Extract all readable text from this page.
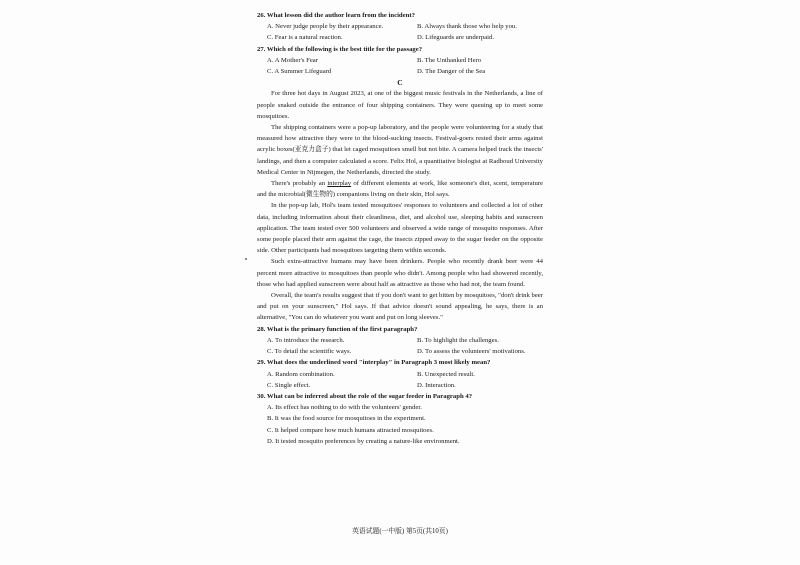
26. What lesson did the author learn from the incident?
A. Never judge people by their appearance.	B. Always thank those who help you.
C. Fear is a natural reaction.	D. Lifeguards are underpaid.
27. Which of the following is the best title for the passage?
A. A Mother's Fear	B. The Unthanked Hero
C. A Summer Lifeguard	D. The Danger of the Sea
C
For three hot days in August 2023, at one of the biggest music festivals in the Netherlands, a line of people snaked outside the entrance of four shipping containers. They were queuing up to meet some mosquitoes.
The shipping containers were a pop-up laboratory, and the people were volunteering for a study that measured how attractive they were to the blood-sucking insects. Festival-goers rested their arms against acrylic boxes(亚克力盒子) that let caged mosquitoes smell but not bite. A camera helped track the insects' landings, and then a computer calculated a score. Felix Hol, a quantitative biologist at Radboud University Medical Center in Nijmegen, the Netherlands, directed the study.
There's probably an interplay of different elements at work, like someone's diet, scent, temperature and the microbial(微生物的) companions living on their skin, Hol says.
In the pop-up lab, Hol's team tested mosquitoes' responses to volunteers and collected a lot of other data, including information about their cleanliness, diet, and alcohol use, sleeping habits and sunscreen application. The team tested over 500 volunteers and observed a wide range of mosquito responses. After some people placed their arm against the cage, the insects zipped away to the sugar feeder on the opposite side. Other participants had mosquitoes targeting them within seconds.
Such extra-attractive humans may have been drinkers. People who recently drank beer were 44 percent more attractive to mosquitoes than people who didn't. Among people who had showered recently, those who had applied sunscreen were about half as attractive as those who had not, the team found.
Overall, the team's results suggest that if you don't want to get bitten by mosquitoes, "don't drink beer and put on your sunscreen," Hol says. If that advice doesn't sound appealing, he says, there is an alternative, "You can do whatever you want and put on long sleeves."
28. What is the primary function of the first paragraph?
A. To introduce the research.	B. To highlight the challenges.
C. To detail the scientific ways.	D. To assess the volunteers' motivations.
29. What does the underlined word "interplay" in Paragraph 3 most likely mean?
A. Random combination.	B. Unexpected result.
C. Single effect.	D. Interaction.
30. What can be inferred about the role of the sugar feeder in Paragraph 4?
A. Its effect has nothing to do with the volunteers' gender.
B. It was the food source for mosquitoes in the experiment.
C. It helped compare how much humans attracted mosquitoes.
D. It tested mosquito preferences by creating a nature-like environment.
英语试题(一中版) 第5页(共10页)
